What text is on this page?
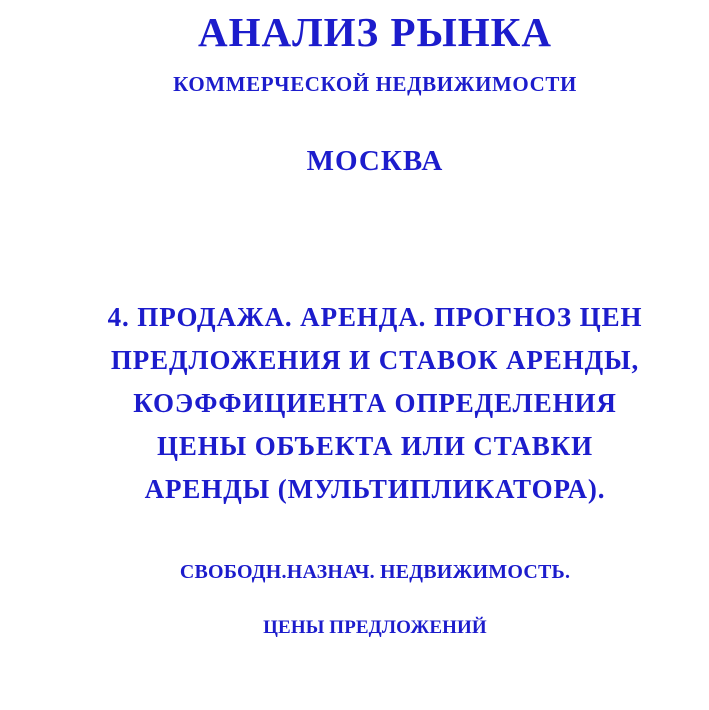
АНАЛИЗ РЫНКА
КОММЕРЧЕСКОЙ НЕДВИЖИМОСТИ
МОСКВА
4. ПРОДАЖА. АРЕНДА. ПРОГНОЗ ЦЕН
ПРЕДЛОЖЕНИЯ И СТАВОК АРЕНДЫ,
КОЭФФИЦИЕНТА ОПРЕДЕЛЕНИЯ
ЦЕНЫ ОБЪЕКТА ИЛИ СТАВКИ
АРЕНДЫ (МУЛЬТИПЛИКАТОРА).
СВОБОДН.НАЗНАЧ. НЕДВИЖИМОСТЬ.
ЦЕНЫ ПРЕДЛОЖЕНИЙ
